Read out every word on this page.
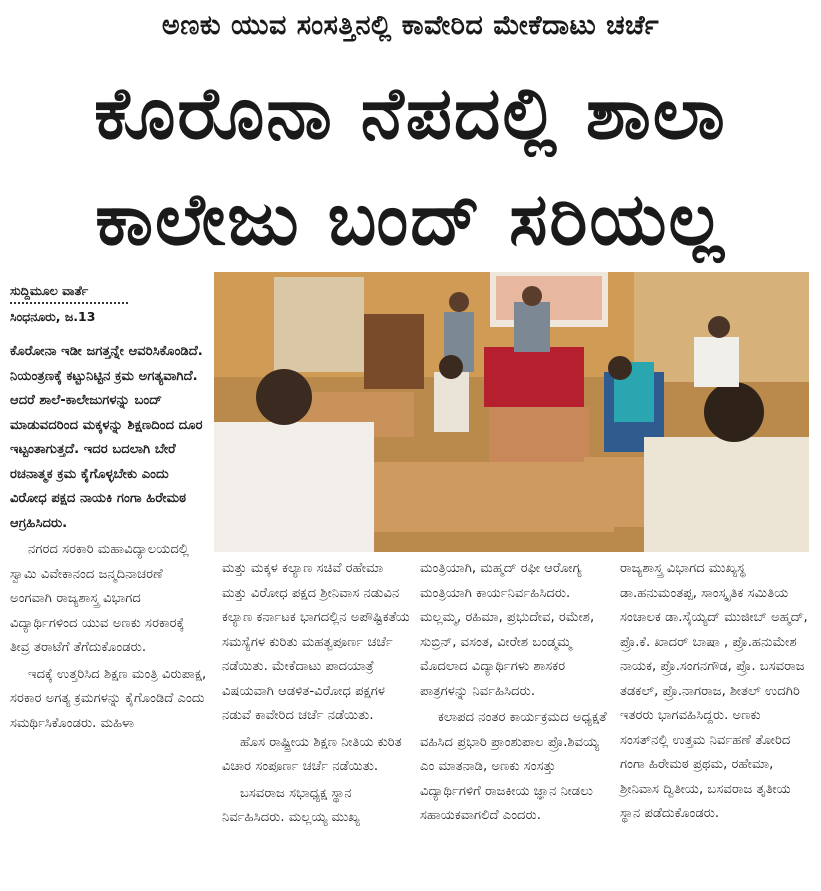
ಅಣಕು ಯುವ ಸಂಸತ್ತಿನಲ್ಲಿ ಕಾವೇರಿದ ಮೇಕೆದಾಟು ಚರ್ಚೆ
ಕೊರೊನಾ ನೆಪದಲ್ಲಿ ಶಾಲಾ
ಕಾಲೇಜು ಬಂದ್ ಸರಿಯಲ್ಲ
ಸುದ್ದಿಮೂಲ ವಾರ್ತೆ
ಸಿಂಧನೂರು, ಜ.13

ಕೊರೋನಾ ಇಡೀ ಜಗತ್ತನ್ನೇ ಆವರಿಸಿಕೊಂಡಿದೆ. ನಿಯಂತ್ರಣಕ್ಕೆ ಕಟ್ಟುನಿಟ್ಟಿನ ಕ್ರಮ ಅಗತ್ಯವಾಗಿದೆ. ಆದರೆ ಶಾಲೆ-ಕಾಲೇಜುಗಳನ್ನು ಬಂದ್ ಮಾಡುವದರಿಂದ ಮಕ್ಕಳನ್ನು ಶಿಕ್ಷಣದಿಂದ ದೂರ ಇಟ್ಟಂತಾಗುತ್ತದೆ. ಇದರ ಬದಲಾಗಿ ಬೇರೆ ರಚನಾತ್ಮಕ ಕ್ರಮ ಕೈಗೊಳ್ಳಬೇಕು ಎಂದು ವಿರೋಧ ಪಕ್ಷದ ನಾಯಕಿ ಗಂಗಾ ಹಿರೇಮಠ ಆಗ್ರಹಿಸಿದರು.

ನಗರದ ಸರಕಾರಿ ಮಹಾವಿದ್ಯಾಲಯದಲ್ಲಿ ಸ್ವಾಮಿ ವಿವೇಕಾನಂದ ಜನ್ಮದಿನಾಚರಣೆ ಅಂಗವಾಗಿ ರಾಜ್ಯಶಾಸ್ತ್ರ ವಿಭಾಗದ ವಿದ್ಯಾರ್ಥಿಗಳಿಂದ ಯುವ ಅಣಕು ಸರಕಾರಕ್ಕೆ ತೀವ್ರ ತರಾಟೆಗೆ ತೆಗೆದುಕೊಂಡರು.

ಇದಕ್ಕೆ ಉತ್ತರಿಸಿದ ಶಿಕ್ಷಣ ಮಂತ್ರಿ ವಿರುಪಾಕ್ಷ, ಸರಕಾರ ಅಗತ್ಯ ಕ್ರಮಗಳನ್ನು ಕೈಗೊಂಡಿದೆ ಎಂದು ಸಮರ್ಥಿಸಿಕೊಂಡರು. ಮಹಿಳಾ

ಮತ್ತು ಮಕ್ಕಳ ಕಲ್ಯಾಣ ಸಚಿವೆ ರಹೇಮಾ ಮತ್ತು ವಿರೋಧ ಪಕ್ಷದ ಶ್ರೀನಿವಾಸ ನಡುವಿನ ಕಲ್ಯಾಣ ಕರ್ನಾಟಕ ಭಾಗದಲ್ಲಿನ ಅಪೌಷ್ಟಿಕತೆಯ ಸಮಸ್ಯೆಗಳ ಕುರಿತು ಮಹತ್ವಪೂರ್ಣ ಚರ್ಚೆ ನಡೆಯಿತು. ಮೇಕೆದಾಟು ಪಾದಯಾತ್ರೆ ವಿಷಯವಾಗಿ ಆಡಳಿತ-ವಿರೋಧ ಪಕ್ಷಗಳ ನಡುವೆ ಕಾವೇರಿದ ಚರ್ಚೆ ನಡೆಯಿತು.

ಹೊಸ ರಾಷ್ಟ್ರೀಯ ಶಿಕ್ಷಣ ನೀತಿಯ ಕುರಿತ ವಿಚಾರ ಸಂಪೂರ್ಣ ಚರ್ಚೆ ನಡೆಯಿತು.

ಬಸವರಾಜ ಸಭಾಧ್ಯಕ್ಷ ಸ್ಥಾನ ನಿರ್ವಹಿಸಿದರು. ಮಲ್ಲಯ್ಯ ಮುಖ್ಯ

ಮಂತ್ರಿಯಾಗಿ, ಮಹ್ಮದ್ ರಫೀ ಆರೋಗ್ಯ ಮಂತ್ರಿಯಾಗಿ ಕಾರ್ಯನಿರ್ವಹಿಸಿದರು. ಮಲ್ಲಮ್ಮ, ರಹಿಮಾ, ಪ್ರಭುದೇವ, ರಮೇಶ, ಸುಬ್ರಿನ್, ವಸಂತ, ವೀರೇಶ ಬಂಡ್ಮಮ್ಮ ಮೊದಲಾದ ವಿದ್ಯಾರ್ಥಿಗಳು ಶಾಸಕರ ಪಾತ್ರಗಳನ್ನು ನಿರ್ವಹಿಸಿದರು.

ಕಲಾಪದ ನಂತರ ಕಾರ್ಯಕ್ರಮದ ಅಧ್ಯಕ್ಷತೆ ವಹಿಸಿದ ಪ್ರಭಾರಿ ಪ್ರಾಂಶುಪಾಲ ಪ್ರೊ.ಶಿವಯ್ಯ ಎಂ ಮಾತನಾಡಿ, ಅಣಕು ಸಂಸತ್ತು ವಿದ್ಯಾರ್ಥಿಗಳಿಗೆ ರಾಜಕೀಯ ಜ್ಞಾನ ನೀಡಲು ಸಹಾಯಕವಾಗಲಿದೆ ಎಂದರು.

ರಾಜ್ಯಶಾಸ್ತ್ರ ವಿಭಾಗದ ಮುಖ್ಯಸ್ಥ ಡಾ.ಹನುಮಂತಪ್ಪ, ಸಾಂಸ್ಕೃತಿಕ ಸಮಿತಿಯ ಸಂಚಾಲಕ ಡಾ.ಸೈಯ್ಯದ್ ಮುಜೀಬ್ ಅಹ್ಮದ್, ಪ್ರೊ.ಕೆ. ಖಾದರ್ ಬಾಷಾ , ಪ್ರೊ.ಹನುಮೇಶ ನಾಯಕ, ಪ್ರೊ.ಸಂಗನಗೌಡ, ಪ್ರೊ. ಬಸವರಾಜ ತಡಕಲ್, ಪ್ರೊ.ನಾಗರಾಜ, ಶೀತಲ್ ಉದಗಿರಿ ಇತರರು ಭಾಗವಹಿಸಿದ್ದರು. ಅಣಕು ಸಂಸತ್‌ನಲ್ಲಿ ಉತ್ತಮ ನಿರ್ವಹಣೆ ತೋರಿದ ಗಂಗಾ ಹಿರೇಮಠ ಪ್ರಥಮ, ರಹೇಮಾ, ಶ್ರೀನಿವಾಸ ದ್ವಿತೀಯ, ಬಸವರಾಜ ತೃತೀಯ ಸ್ಥಾನ ಪಡೆದುಕೊಂಡರು.
